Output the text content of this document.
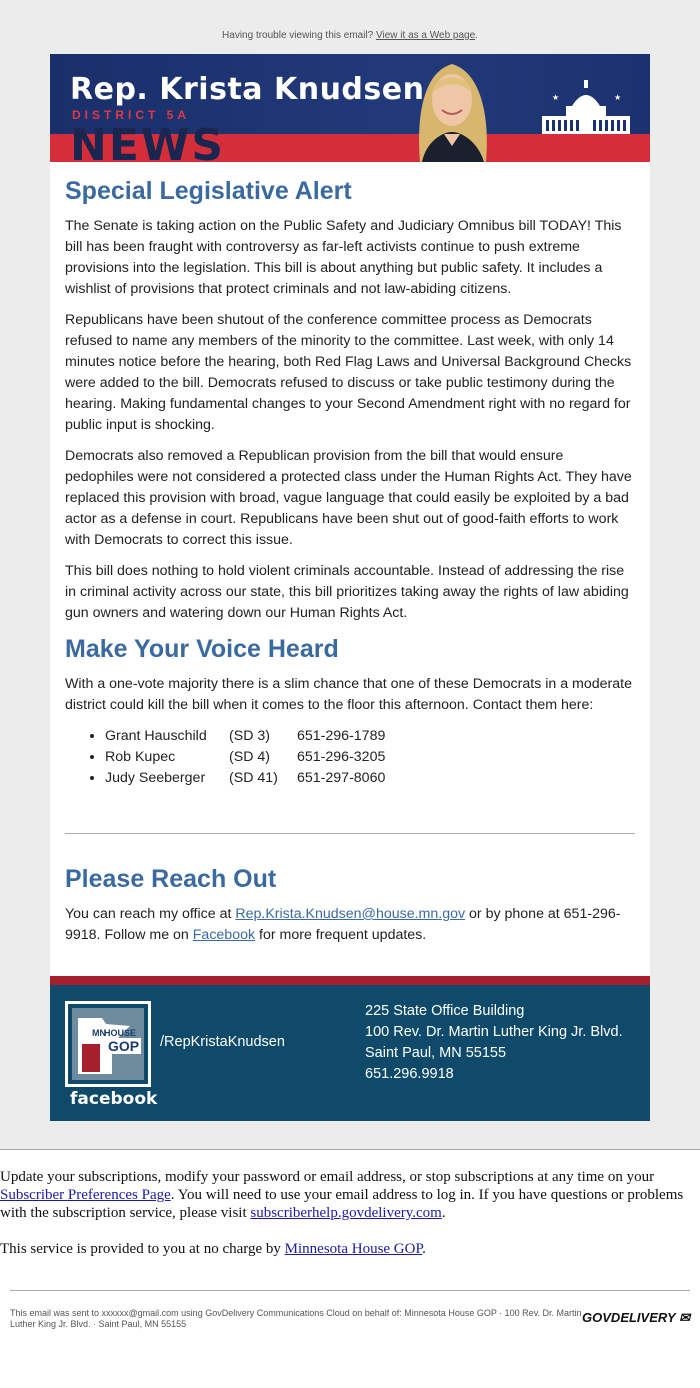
Having trouble viewing this email? View it as a Web page.
Rep. Krista Knudsen
DISTRICT 5A
NEWS
★	★
Special Legislative Alert

The Senate is taking action on the Public Safety and Judiciary Omnibus bill TODAY! This bill has been fraught with controversy as far-left activists continue to push extreme provisions into the legislation. This bill is about anything but public safety. It includes a wishlist of provisions that protect criminals and not law-abiding citizens.

Republicans have been shutout of the conference committee process as Democrats refused to name any members of the minority to the committee. Last week, with only 14 minutes notice before the hearing, both Red Flag Laws and Universal Background Checks were added to the bill. Democrats refused to discuss or take public testimony during the hearing. Making fundamental changes to your Second Amendment right with no regard for public input is shocking.

Democrats also removed a Republican provision from the bill that would ensure pedophiles were not considered a protected class under the Human Rights Act. They have replaced this provision with broad, vague language that could easily be exploited by a bad actor as a defense in court. Republicans have been shut out of good-faith efforts to work with Democrats to correct this issue.

This bill does nothing to hold violent criminals accountable. Instead of addressing the rise in criminal activity across our state, this bill prioritizes taking away the rights of law abiding gun owners and watering down our Human Rights Act.

Make Your Voice Heard

With a one-vote majority there is a slim chance that one of these Democrats in a moderate district could kill the bill when it comes to the floor this afternoon. Contact them here:

• Grant Hauschild (SD 3) 651-296-1789
• Rob Kupec	(SD 4) 651-296-3205
• Judy Seeberger (SD 41) 651-297-8060
Please Reach Out

You can reach my office at Rep.Krista.Knudsen@house.mn.gov or by phone at 651-296-9918. Follow me on Facebook for more frequent updates.

MN
HOUSE
GOP
facebook
/RepKristaKnudsen
225 State Office Building
100 Rev. Dr. Martin Luther King Jr. Blvd.
Saint Paul, MN 55155
651.296.9918

Update your subscriptions, modify your password or email address, or stop subscriptions at any time on your Subscriber Preferences Page. You will need to use your email address to log in. If you have questions or problems with the subscription service, please visit subscriberhelp.govdelivery.com.

This service is provided to you at no charge by Minnesota House GOP.

This email was sent to xxxxxx@gmail.com using GovDelivery Communications Cloud on behalf of: Minnesota House GOP · 100 Rev. Dr. Martin Luther King Jr. Blvd. · Saint Paul, MN 55155	GOVDELIVERY ✉
